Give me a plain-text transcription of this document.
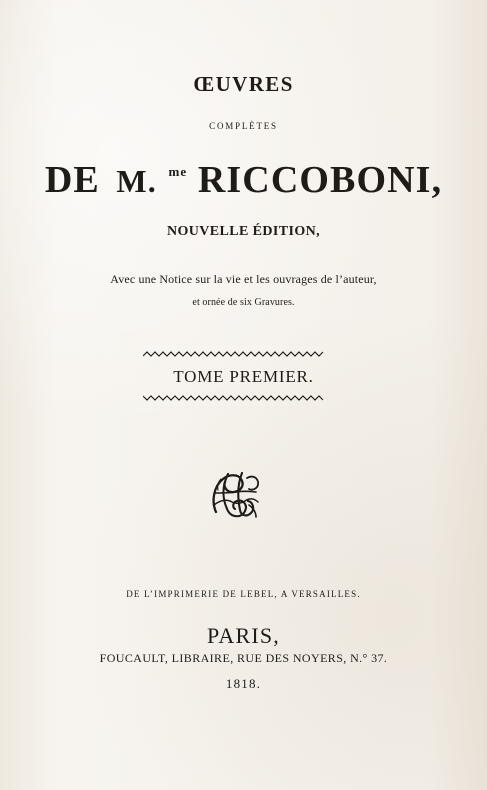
ŒUVRES
COMPLÈTES
DE M. $^{me}$ RICCOBONI,
NOUVELLE ÉDITION,
Avec une Notice sur la vie et les ouvrages de l’auteur,
et ornée de six Gravures.
TOME PREMIER.
DE L’IMPRIMERIE DE LEBEL, A VERSAILLES.
PARIS,
FOUCAULT, LIBRAIRE, RUE DES NOYERS, N.° 37.
1818.
